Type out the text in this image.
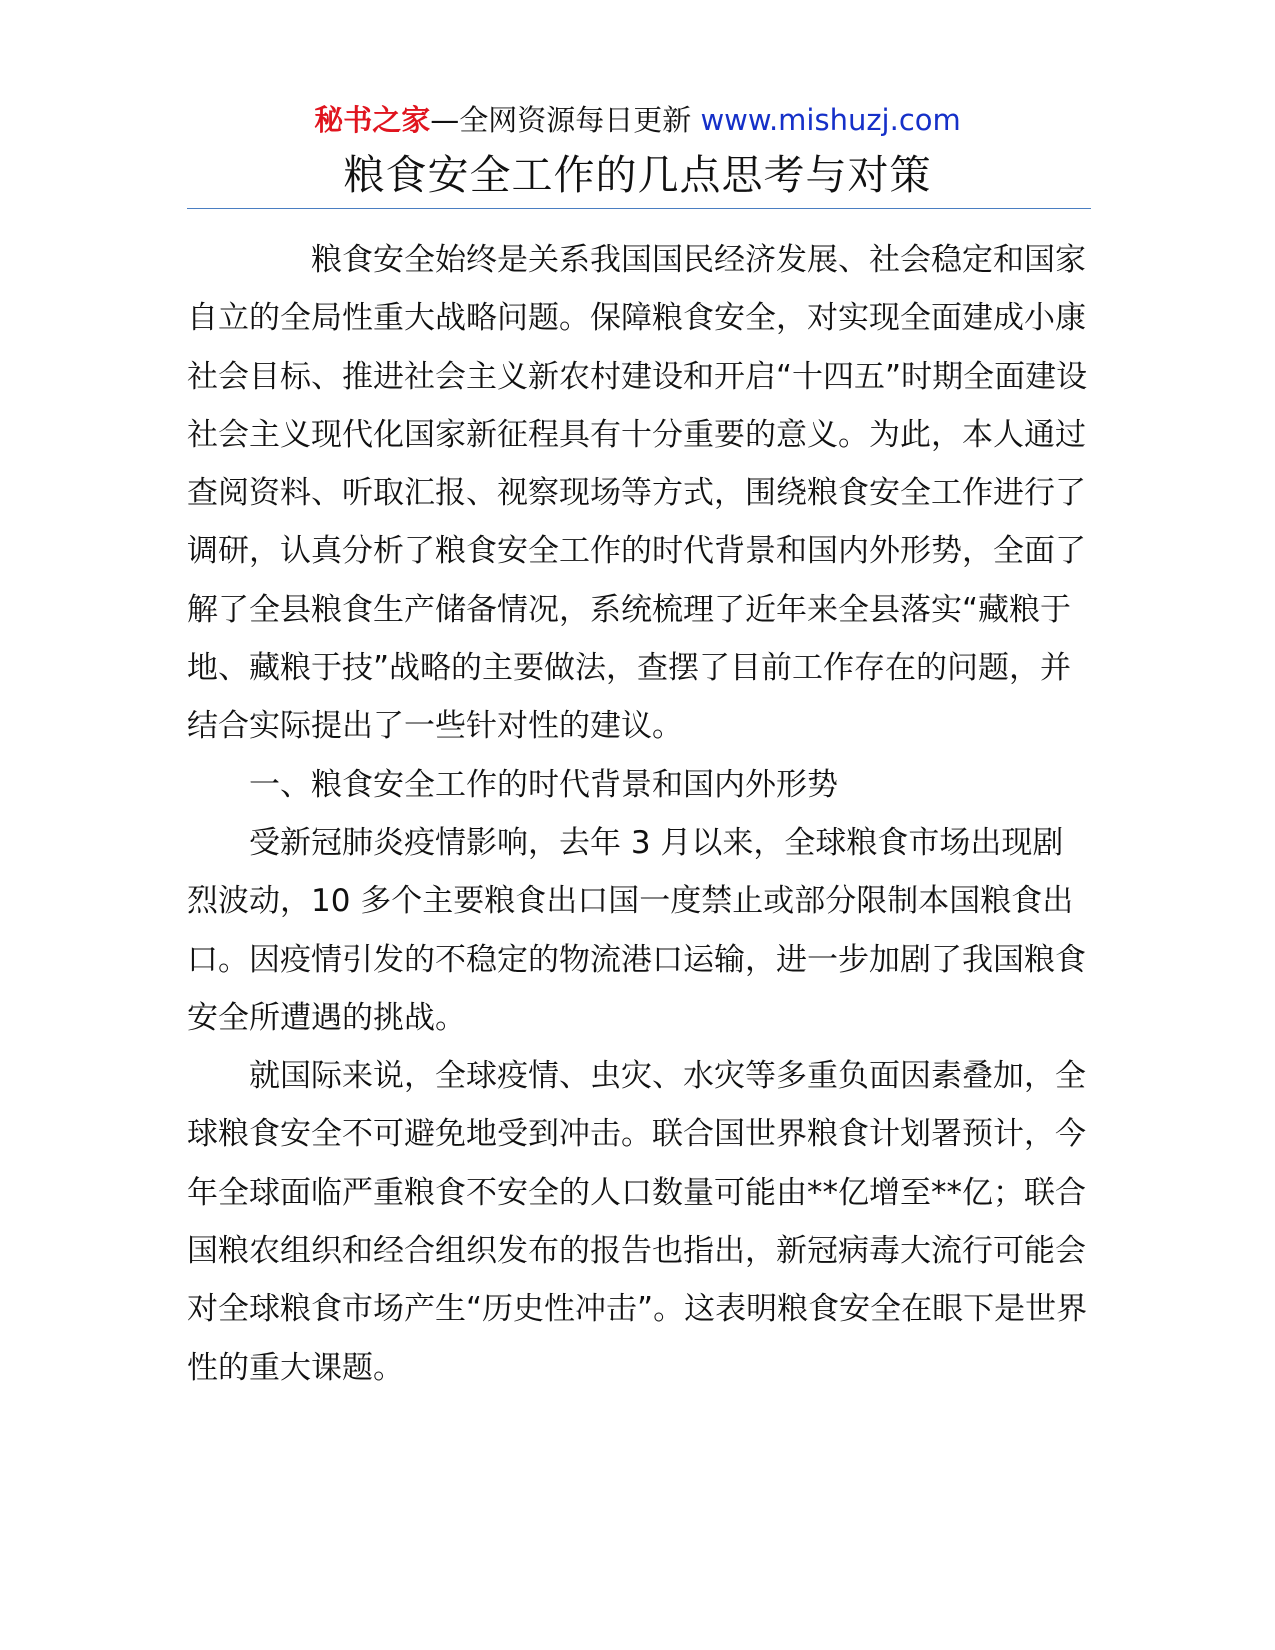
秘书之家—全网资源每日更新 www.mishuzj.com
粮食安全工作的几点思考与对策

粮食安全始终是关系我国国民经济发展、社会稳定和国家自立的全局性重大战略问题。保障粮食安全，对实现全面建成小康社会目标、推进社会主义新农村建设和开启“十四五”时期全面建设社会主义现代化国家新征程具有十分重要的意义。为此，本人通过查阅资料、听取汇报、视察现场等方式，围绕粮食安全工作进行了调研，认真分析了粮食安全工作的时代背景和国内外形势，全面了解了全县粮食生产储备情况，系统梳理了近年来全县落实“藏粮于地、藏粮于技”战略的主要做法，查摆了目前工作存在的问题，并结合实际提出了一些针对性的建议。

一、粮食安全工作的时代背景和国内外形势

受新冠肺炎疫情影响，去年 3 月以来，全球粮食市场出现剧烈波动，10 多个主要粮食出口国一度禁止或部分限制本国粮食出口。因疫情引发的不稳定的物流港口运输，进一步加剧了我国粮食安全所遭遇的挑战。

就国际来说，全球疫情、虫灾、水灾等多重负面因素叠加，全球粮食安全不可避免地受到冲击。联合国世界粮食计划署预计，今年全球面临严重粮食不安全的人口数量可能由**亿增至**亿；联合国粮农组织和经合组织发布的报告也指出，新冠病毒大流行可能会对全球粮食市场产生“历史性冲击”。这表明粮食安全在眼下是世界性的重大课题。
